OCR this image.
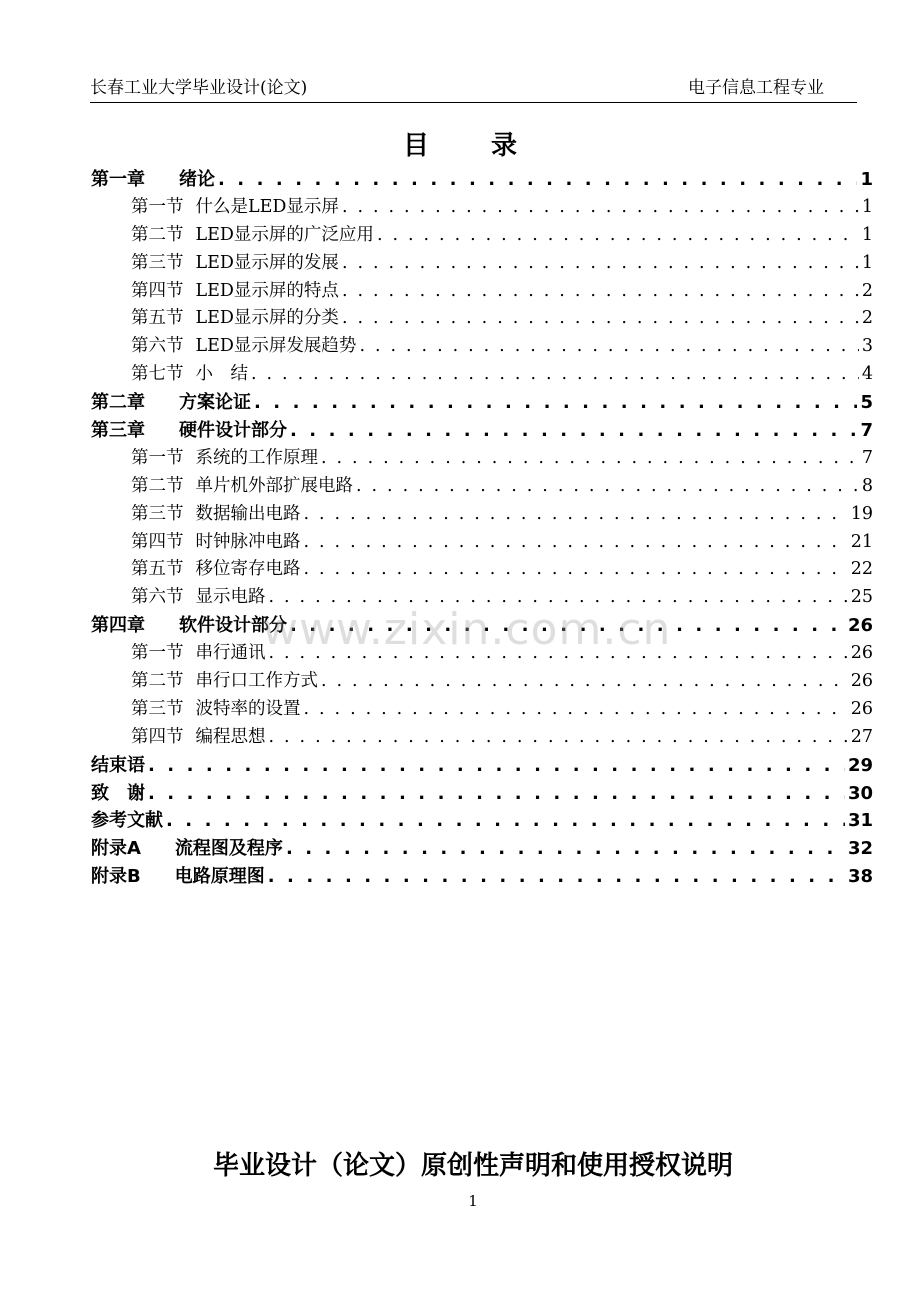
长春工业大学毕业设计(论文)	电子信息工程专业
目 录
第一章 绪论 . . .	1
第一节 什么是LED显示屏 . . .	1
第二节 LED显示屏的广泛应用 . . .	1
第三节 LED显示屏的发展 . . .	1
第四节 LED显示屏的特点 . . .	2
第五节 LED显示屏的分类 . . .	2
第六节 LED显示屏发展趋势 . . .	3
第七节 小　结 . . .	4
第二章 方案论证 . . .	5
第三章 硬件设计部分 . . .	7
第一节 系统的工作原理 . . .	7
第二节 单片机外部扩展电路 . . .	8
第三节 数据输出电路 . . .	19
第四节 时钟脉冲电路 . . .	21
第五节 移位寄存电路 . . .	22
第六节 显示电路 . . .	25
第四章 软件设计部分 . . .	26
第一节 串行通讯 . . .	26
第二节 串行口工作方式 . . .	26
第三节 波特率的设置 . . .	26
第四节 编程思想 . . .	27
结束语 . . .	29
致　谢 . . .	30
参考文献 . . .	31
附录A 流程图及程序 . . .	32
附录B 电路原理图 . . .	38
www.zixin.com.cn
毕业设计（论文）原创性声明和使用授权说明
1
